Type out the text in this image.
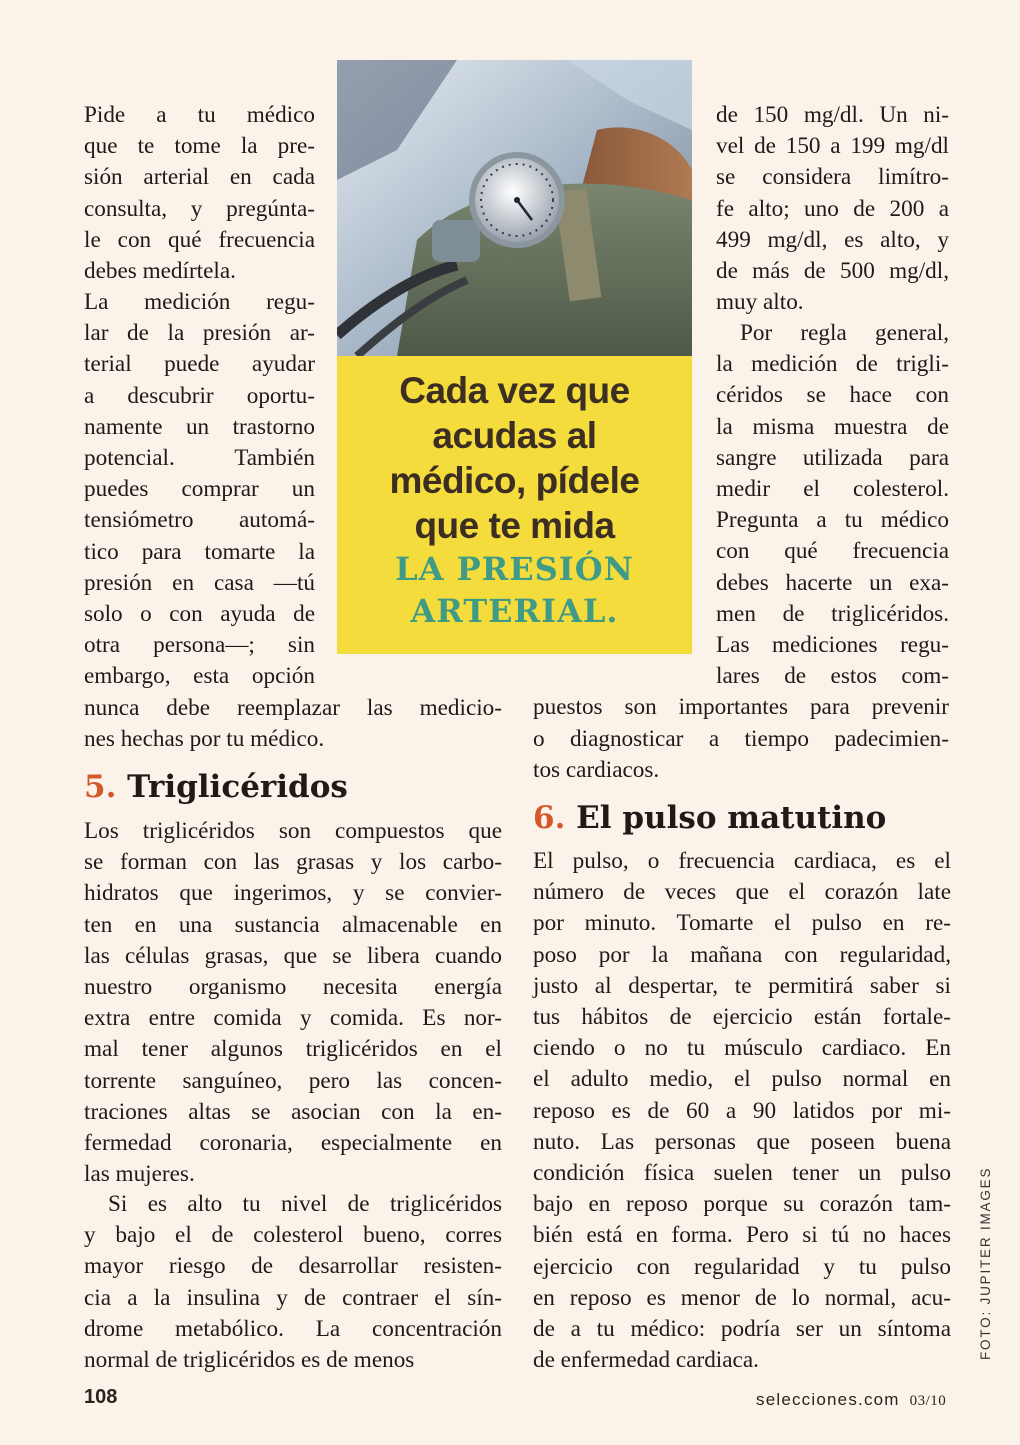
Pide a tu médico
que te tome la pre-
sión arterial en cada
consulta, y pregúnta-
le con qué frecuencia
debes medírtela.
La medición regu-
lar de la presión ar-
terial puede ayudar
a descubrir oportu-
namente un trastorno
potencial. También
puedes comprar un
tensiómetro automá-
tico para tomarte la
presión en casa —tú
solo o con ayuda de
otra persona—; sin
embargo, esta opción
nunca debe reemplazar las medicio-
nes hechas por tu médico.
5. Triglicéridos
Los triglicéridos son compuestos que
se forman con las grasas y los carbo-
hidratos que ingerimos, y se convier-
ten en una sustancia almacenable en
las células grasas, que se libera cuando
nuestro organismo necesita energía
extra entre comida y comida. Es nor-
mal tener algunos triglicéridos en el
torrente sanguíneo, pero las concen-
traciones altas se asocian con la en-
fermedad coronaria, especialmente en
las mujeres.
Si es alto tu nivel de triglicéridos
y bajo el de colesterol bueno, corres
mayor riesgo de desarrollar resisten-
cia a la insulina y de contraer el sín-
drome metabólico. La concentración
normal de triglicéridos es de menos
Cada vez que
acudas al
médico, pídele
que te mida
LA PRESIÓN
ARTERIAL.
de 150 mg/dl. Un ni-
vel de 150 a 199 mg/dl
se considera limítro-
fe alto; uno de 200 a
499 mg/dl, es alto, y
de más de 500 mg/dl,
muy alto.
Por regla general,
la medición de trigli-
céridos se hace con
la misma muestra de
sangre utilizada para
medir el colesterol.
Pregunta a tu médico
con qué frecuencia
debes hacerte un exa-
men de triglicéridos.
Las mediciones regu-
lares de estos com-
puestos son importantes para prevenir
o diagnosticar a tiempo padecimien-
tos cardiacos.
6. El pulso matutino
El pulso, o frecuencia cardiaca, es el
número de veces que el corazón late
por minuto. Tomarte el pulso en re-
poso por la mañana con regularidad,
justo al despertar, te permitirá saber si
tus hábitos de ejercicio están fortale-
ciendo o no tu músculo cardiaco. En
el adulto medio, el pulso normal en
reposo es de 60 a 90 latidos por mi-
nuto. Las personas que poseen buena
condición física suelen tener un pulso
bajo en reposo porque su corazón tam-
bién está en forma. Pero si tú no haces
ejercicio con regularidad y tu pulso
en reposo es menor de lo normal, acu-
de a tu médico: podría ser un síntoma
de enfermedad cardiaca.
108	selecciones.com 03/10
FOTO: JUPITER IMAGES
